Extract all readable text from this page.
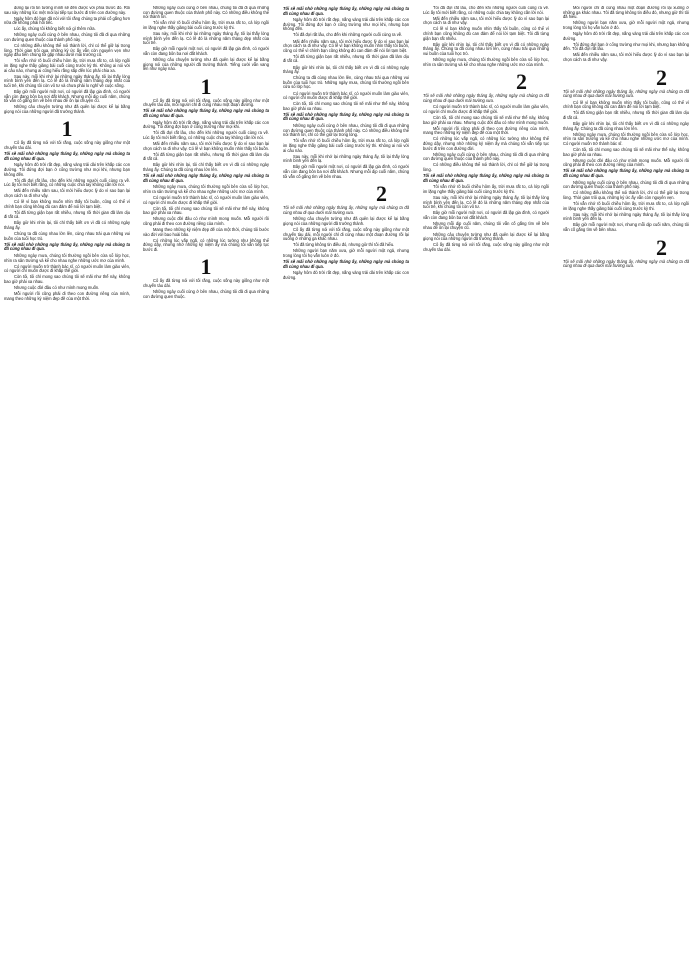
dừng lại rồi tin tưởng mình sẽ đến được với phía trước đó. Rồi sau này những lúc mệt mỏi lại tiếp tục bước đi trên con đường này.
Ngày hôm đó bạn đã nói với tôi rằng chúng ta phải cố gắng hơn nữa để không phải hối tiếc.
Lúc ấy, chúng tôi không biết nói gì thêm nữa.
Những ngày cuối cùng ở bên nhau, chúng tôi đã đi qua những con đường quen thuộc của thành phố này.
Có những điều không thể nói thành lời, chỉ có thể giữ lại trong lòng. Thời gian trôi qua, những ký ức ấy vẫn còn nguyên vẹn như ngày đầu tiên chúng tôi gặp nhau dưới mái trường cũ.
Tôi vẫn nhớ rõ buổi chiều hôm ấy, trời mưa rất to, cả lớp ngồi im lặng nghe thầy giảng bài cuối cùng trước kỳ thi. Không ai nói với ai câu nào, nhưng ai cũng hiểu rằng sắp đến lúc phải chia xa.
Sau này, mỗi khi nhớ lại những ngày tháng ấy, tôi lại thấy lòng mình bình yên đến lạ. Có lẽ đó là những năm tháng đẹp nhất của tuổi trẻ, khi chúng tôi còn vô tư và chưa phải lo nghĩ về cuộc sống.
Bây giờ mỗi người một nơi, có người đã lập gia đình, có người vẫn còn đang bôn ba nơi đất khách. Nhưng mỗi dịp cuối năm, chúng tôi vẫn cố gắng tìm về bên nhau để ôn lại chuyện cũ.
Những câu chuyện tưởng như đã quên lại được kể lại bằng giọng nói của những người đã trưởng thành.
1
Cô ấy đã từng nói với tôi rằng, cuộc sống này giống như một chuyến tàu dài.
Tôi sẽ mãi nhớ những ngày tháng ấy, những ngày mà chúng ta đã cùng nhau đi qua.
Ngày hôm đó trời rất đẹp, nắng vàng trải dài trên khắp các con đường. Tôi đứng đợi bạn ở cổng trường như mọi khi, nhưng bạn không đến.
Tôi đã đợi rất lâu, cho đến khi những người cuối cùng ra về. Lúc ấy tôi mới biết rằng, có những cuộc chia tay không cần lời nói.
Mãi đến nhiều năm sau, tôi mới hiểu được lý do vì sao bạn lại chọn cách ra đi như vậy.
Có lẽ vì bạn không muốn nhìn thấy tôi buồn, cũng có thể vì chính bạn cũng không đủ can đảm để nói lời tạm biệt.
Tôi đã từng giận bạn rất nhiều, nhưng rồi thời gian đã làm dịu đi tất cả.
Bây giờ khi nhìn lại, tôi chỉ thấy biết ơn vì đã có những ngày tháng ấy.
Chúng ta đã cùng nhau lớn lên, cùng nhau trải qua những vui buồn của tuổi học trò.
Tôi sẽ mãi nhớ những ngày tháng ấy, những ngày mà chúng ta đã cùng nhau đi qua.
Những ngày mưa, chúng tôi thường ngồi bên cửa sổ lớp học, nhìn ra sân trường và kể cho nhau nghe những ước mơ của mình.
Có người muốn trở thành bác sĩ, có người muốn làm giáo viên, có người chỉ muốn được đi khắp thế giới.
Còn tôi, tôi chỉ mong sao chúng tôi sẽ mãi như thế này, không bao giờ phải xa nhau.
Nhưng cuộc đời đâu có như mình mong muốn.
Mỗi người rồi cũng phải đi theo con đường riêng của mình, mang theo những kỷ niệm đẹp đẽ của một thời.
Những ngày cuối cùng ở bên nhau, chúng tôi đã đi qua những con đường quen thuộc của thành phố này. Có những điều không thể nói thành lời.
Tôi vẫn nhớ rõ buổi chiều hôm ấy, trời mưa rất to, cả lớp ngồi im lặng nghe thầy giảng bài cuối cùng trước kỳ thi.
Sau này, mỗi khi nhớ lại những ngày tháng ấy, tôi lại thấy lòng mình bình yên đến lạ. Có lẽ đó là những năm tháng đẹp nhất của tuổi trẻ.
Bây giờ mỗi người một nơi, có người đã lập gia đình, có người vẫn còn đang bôn ba nơi đất khách.
Những câu chuyện tưởng như đã quên lại được kể lại bằng giọng nói của những người đã trưởng thành. Tiếng cười vẫn vang lên như ngày nào.
1
Cô ấy đã từng nói với tôi rằng, cuộc sống này giống như một chuyến tàu dài, mỗi người chỉ đi cùng nhau một đoạn đường.
Tôi sẽ mãi nhớ những ngày tháng ấy, những ngày mà chúng ta đã cùng nhau đi qua.
Ngày hôm đó trời rất đẹp, nắng vàng trải dài trên khắp các con đường. Tôi đứng đợi bạn ở cổng trường như mọi khi.
Tôi đã đợi rất lâu, cho đến khi những người cuối cùng ra về. Lúc ấy tôi mới biết rằng, có những cuộc chia tay không cần lời nói.
Mãi đến nhiều năm sau, tôi mới hiểu được lý do vì sao bạn lại chọn cách ra đi như vậy. Có lẽ vì bạn không muốn nhìn thấy tôi buồn.
Tôi đã từng giận bạn rất nhiều, nhưng rồi thời gian đã làm dịu đi tất cả.
Bây giờ khi nhìn lại, tôi chỉ thấy biết ơn vì đã có những ngày tháng ấy. Chúng ta đã cùng nhau lớn lên.
Tôi sẽ mãi nhớ những ngày tháng ấy, những ngày mà chúng ta đã cùng nhau đi qua.
Những ngày mưa, chúng tôi thường ngồi bên cửa sổ lớp học, nhìn ra sân trường và kể cho nhau nghe những ước mơ của mình.
Có người muốn trở thành bác sĩ, có người muốn làm giáo viên, có người chỉ muốn được đi khắp thế giới.
Còn tôi, tôi chỉ mong sao chúng tôi sẽ mãi như thế này, không bao giờ phải xa nhau.
Nhưng cuộc đời đâu có như mình mong muốn. Mỗi người rồi cũng phải đi theo con đường riêng của mình.
Mang theo những kỷ niệm đẹp đẽ của một thời, chúng tôi bước vào đời với bao hoài bão.
Có những lúc vấp ngã, có những lúc tưởng như không thể đứng dậy, nhưng nhờ những kỷ niệm ấy mà chúng tôi vẫn tiếp tục bước đi.
1
Cô ấy đã từng nói với tôi rằng, cuộc sống này giống như một chuyến tàu dài.
Những ngày cuối cùng ở bên nhau, chúng tôi đã đi qua những con đường quen thuộc.
Tôi sẽ mãi nhớ những ngày tháng ấy, những ngày mà chúng ta đã cùng nhau đi qua.
Ngày hôm đó trời rất đẹp, nắng vàng trải dài trên khắp các con đường. Tôi đứng đợi bạn ở cổng trường như mọi khi, nhưng bạn không đến.
Tôi đã đợi rất lâu, cho đến khi những người cuối cùng ra về.
Mãi đến nhiều năm sau, tôi mới hiểu được lý do vì sao bạn lại chọn cách ra đi như vậy. Có lẽ vì bạn không muốn nhìn thấy tôi buồn, cũng có thể vì chính bạn cũng không đủ can đảm để nói lời tạm biệt.
Tôi đã từng giận bạn rất nhiều, nhưng rồi thời gian đã làm dịu đi tất cả.
Bây giờ khi nhìn lại, tôi chỉ thấy biết ơn vì đã có những ngày tháng ấy.
Chúng ta đã cùng nhau lớn lên, cùng nhau trải qua những vui buồn của tuổi học trò. Những ngày mưa, chúng tôi thường ngồi bên cửa sổ lớp học.
Có người muốn trở thành bác sĩ, có người muốn làm giáo viên, có người chỉ muốn được đi khắp thế giới.
Còn tôi, tôi chỉ mong sao chúng tôi sẽ mãi như thế này, không bao giờ phải xa nhau.
Tôi sẽ mãi nhớ những ngày tháng ấy, những ngày mà chúng ta đã cùng nhau đi qua.
Những ngày cuối cùng ở bên nhau, chúng tôi đã đi qua những con đường quen thuộc của thành phố này. Có những điều không thể nói thành lời, chỉ có thể giữ lại trong lòng.
Tôi vẫn nhớ rõ buổi chiều hôm ấy, trời mưa rất to, cả lớp ngồi im lặng nghe thầy giảng bài cuối cùng trước kỳ thi. Không ai nói với ai câu nào.
Sau này, mỗi khi nhớ lại những ngày tháng ấy, tôi lại thấy lòng mình bình yên đến lạ.
Bây giờ mỗi người một nơi, có người đã lập gia đình, có người vẫn còn đang bôn ba nơi đất khách. Nhưng mỗi dịp cuối năm, chúng tôi vẫn cố gắng tìm về bên nhau.
2
Tôi sẽ mãi nhớ những ngày tháng ấy, những ngày mà chúng ta đã cùng nhau đi qua dưới mái trường xưa.
Những câu chuyện tưởng như đã quên lại được kể lại bằng giọng nói của những người đã trưởng thành.
Cô ấy đã từng nói với tôi rằng, cuộc sống này giống như một chuyến tàu dài, mỗi người chỉ đi cùng nhau một đoạn đường rồi lại xuống ở những ga khác nhau.
Tôi đã từng không tin điều đó, nhưng giờ thì tôi đã hiểu.
Những người bạn năm xưa, giờ mỗi người một ngả, nhưng trong lòng tôi họ vẫn luôn ở đó.
Tôi sẽ mãi nhớ những ngày tháng ấy, những ngày mà chúng ta đã cùng nhau đi qua.
Ngày hôm đó trời rất đẹp, nắng vàng trải dài trên khắp các con đường.
Tôi đã đợi rất lâu, cho đến khi những người cuối cùng ra về. Lúc ấy tôi mới biết rằng, có những cuộc chia tay không cần lời nói.
Mãi đến nhiều năm sau, tôi mới hiểu được lý do vì sao bạn lại chọn cách ra đi như vậy.
Có lẽ vì bạn không muốn nhìn thấy tôi buồn, cũng có thể vì chính bạn cũng không đủ can đảm để nói lời tạm biệt. Tôi đã từng giận bạn rất nhiều.
Bây giờ khi nhìn lại, tôi chỉ thấy biết ơn vì đã có những ngày tháng ấy. Chúng ta đã cùng nhau lớn lên, cùng nhau trải qua những vui buồn của tuổi học trò.
Những ngày mưa, chúng tôi thường ngồi bên cửa sổ lớp học, nhìn ra sân trường và kể cho nhau nghe những ước mơ của mình.
2
Tôi sẽ mãi nhớ những ngày tháng ấy, những ngày mà chúng ta đã cùng nhau đi qua dưới mái trường xưa.
Có người muốn trở thành bác sĩ, có người muốn làm giáo viên, có người chỉ muốn được đi khắp thế giới.
Còn tôi, tôi chỉ mong sao chúng tôi sẽ mãi như thế này, không bao giờ phải xa nhau. Nhưng cuộc đời đâu có như mình mong muốn.
Mỗi người rồi cũng phải đi theo con đường riêng của mình, mang theo những kỷ niệm đẹp đẽ của một thời.
Có những lúc vấp ngã, có những lúc tưởng như không thể đứng dậy, nhưng nhờ những kỷ niệm ấy mà chúng tôi vẫn tiếp tục bước đi trên con đường đời.
Những ngày cuối cùng ở bên nhau, chúng tôi đã đi qua những con đường quen thuộc của thành phố này.
Có những điều không thể nói thành lời, chỉ có thể giữ lại trong lòng.
Tôi sẽ mãi nhớ những ngày tháng ấy, những ngày mà chúng ta đã cùng nhau đi qua.
Tôi vẫn nhớ rõ buổi chiều hôm ấy, trời mưa rất to, cả lớp ngồi im lặng nghe thầy giảng bài cuối cùng trước kỳ thi.
Sau này, mỗi khi nhớ lại những ngày tháng ấy, tôi lại thấy lòng mình bình yên đến lạ. Có lẽ đó là những năm tháng đẹp nhất của tuổi trẻ, khi chúng tôi còn vô tư.
Bây giờ mỗi người một nơi, có người đã lập gia đình, có người vẫn còn đang bôn ba nơi đất khách.
Nhưng mỗi dịp cuối năm, chúng tôi vẫn cố gắng tìm về bên nhau để ôn lại chuyện cũ.
Những câu chuyện tưởng như đã quên lại được kể lại bằng giọng nói của những người đã trưởng thành.
Cô ấy đã từng nói với tôi rằng, cuộc sống này giống như một chuyến tàu dài.
Mỗi người chỉ đi cùng nhau một đoạn đường rồi lại xuống ở những ga khác nhau. Tôi đã từng không tin điều đó, nhưng giờ thì tôi đã hiểu.
Những người bạn năm xưa, giờ mỗi người một ngả, nhưng trong lòng tôi họ vẫn luôn ở đó.
Ngày hôm đó trời rất đẹp, nắng vàng trải dài trên khắp các con đường.
Tôi đứng đợi bạn ở cổng trường như mọi khi, nhưng bạn không đến. Tôi đã đợi rất lâu.
Mãi đến nhiều năm sau, tôi mới hiểu được lý do vì sao bạn lại chọn cách ra đi như vậy.
2
Tôi sẽ mãi nhớ những ngày tháng ấy, những ngày mà chúng ta đã cùng nhau đi qua dưới mái trường xưa.
Có lẽ vì bạn không muốn nhìn thấy tôi buồn, cũng có thể vì chính bạn cũng không đủ can đảm để nói lời tạm biệt.
Tôi đã từng giận bạn rất nhiều, nhưng rồi thời gian đã làm dịu đi tất cả.
Bây giờ khi nhìn lại, tôi chỉ thấy biết ơn vì đã có những ngày tháng ấy. Chúng ta đã cùng nhau lớn lên.
Những ngày mưa, chúng tôi thường ngồi bên cửa sổ lớp học, nhìn ra sân trường và kể cho nhau nghe những ước mơ của mình. Có người muốn trở thành bác sĩ.
Còn tôi, tôi chỉ mong sao chúng tôi sẽ mãi như thế này, không bao giờ phải xa nhau.
Nhưng cuộc đời đâu có như mình mong muốn. Mỗi người rồi cũng phải đi theo con đường riêng của mình.
Tôi sẽ mãi nhớ những ngày tháng ấy, những ngày mà chúng ta đã cùng nhau đi qua.
Những ngày cuối cùng ở bên nhau, chúng tôi đã đi qua những con đường quen thuộc của thành phố này.
Có những điều không thể nói thành lời, chỉ có thể giữ lại trong lòng. Thời gian trôi qua, những ký ức ấy vẫn còn nguyên vẹn.
Tôi vẫn nhớ rõ buổi chiều hôm ấy, trời mưa rất to, cả lớp ngồi im lặng nghe thầy giảng bài cuối cùng trước kỳ thi.
Sau này, mỗi khi nhớ lại những ngày tháng ấy, tôi lại thấy lòng mình bình yên đến lạ.
Bây giờ mỗi người một nơi, nhưng mỗi dịp cuối năm, chúng tôi vẫn cố gắng tìm về bên nhau.
2
Tôi sẽ mãi nhớ những ngày tháng ấy, những ngày mà chúng ta đã cùng nhau đi qua dưới mái trường xưa.
